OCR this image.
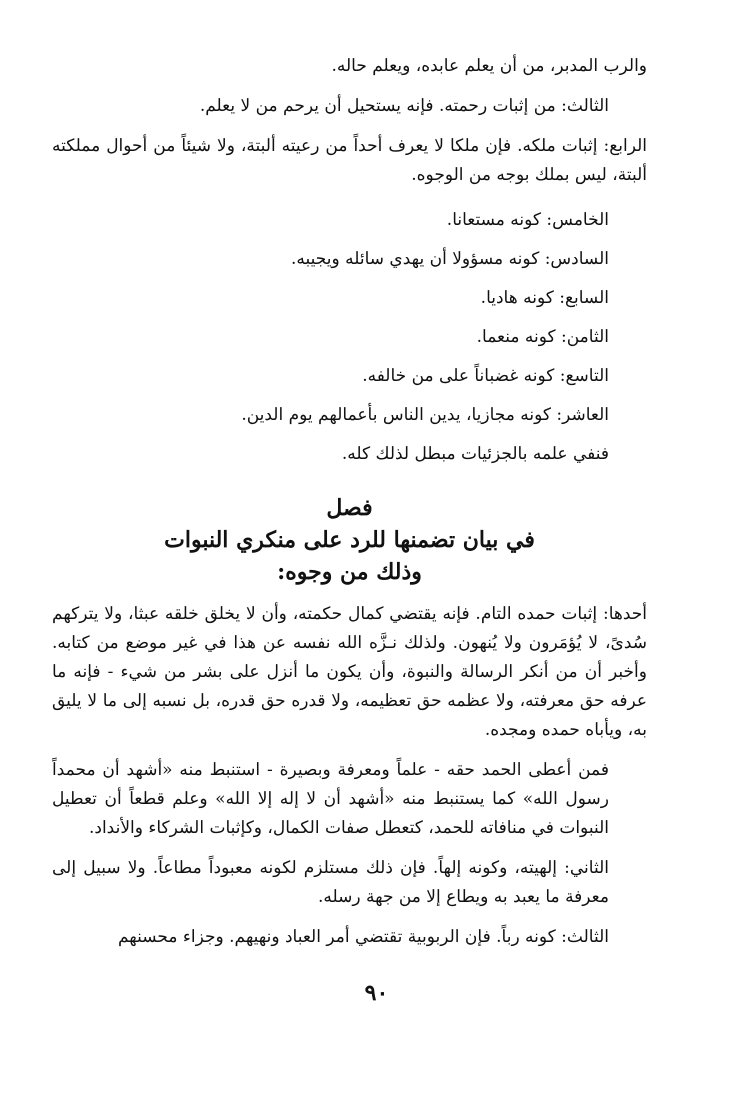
والرب المدبر، من أن يعلم عابده، ويعلم حاله.

الثالث: من إثبات رحمته. فإنه يستحيل أن يرحم من لا يعلم.

الرابع: إثبات ملكه. فإن ملكا لا يعرف أحداً من رعيته ألبتة، ولا شيئاً من أحوال مملكته ألبتة، ليس بملك بوجه من الوجوه.

الخامس: كونه مستعانا.

السادس: كونه مسؤولا أن يهدي سائله ويجيبه.

السابع: كونه هاديا.

الثامن: كونه منعما.

التاسع: كونه غضباناً على من خالفه.

العاشر: كونه مجازيا، يدين الناس بأعمالهم يوم الدين.

فنفي علمه بالجزئيات مبطل لذلك كله.

فصل

في بيان تضمنها للرد على منكري النبوات

وذلك من وجوه:

أحدها: إثبات حمده التام. فإنه يقتضي كمال حكمته، وأن لا يخلق خلقه عبثا، ولا يتركهم سُدىً، لا يُؤمَرون ولا يُنهون. ولذلك نـزَّه الله نفسه عن هذا في غير موضع من كتابه. وأخبر أن من أنكر الرسالة والنبوة، وأن يكون ما أنزل على بشر من شيء - فإنه ما عرفه حق معرفته، ولا عظمه حق تعظيمه، ولا قدره حق قدره، بل نسبه إلى ما لا يليق به، ويأباه حمده ومجده.

فمن أعطى الحمد حقه - علماً ومعرفة وبصيرة - استنبط منه «أشهد أن محمداً رسول الله» كما يستنبط منه «أشهد أن لا إله إلا الله» وعلم قطعاً أن تعطيل النبوات في منافاته للحمد، كتعطل صفات الكمال، وكإثبات الشركاء والأنداد.

الثاني: إلهيته، وكونه إلهاً. فإن ذلك مستلزم لكونه معبوداً مطاعاً. ولا سبيل إلى معرفة ما يعبد به ويطاع إلا من جهة رسله.

الثالث: كونه رباً. فإن الربوبية تقتضي أمر العباد ونهيهم. وجزاء محسنهم

٩٠
